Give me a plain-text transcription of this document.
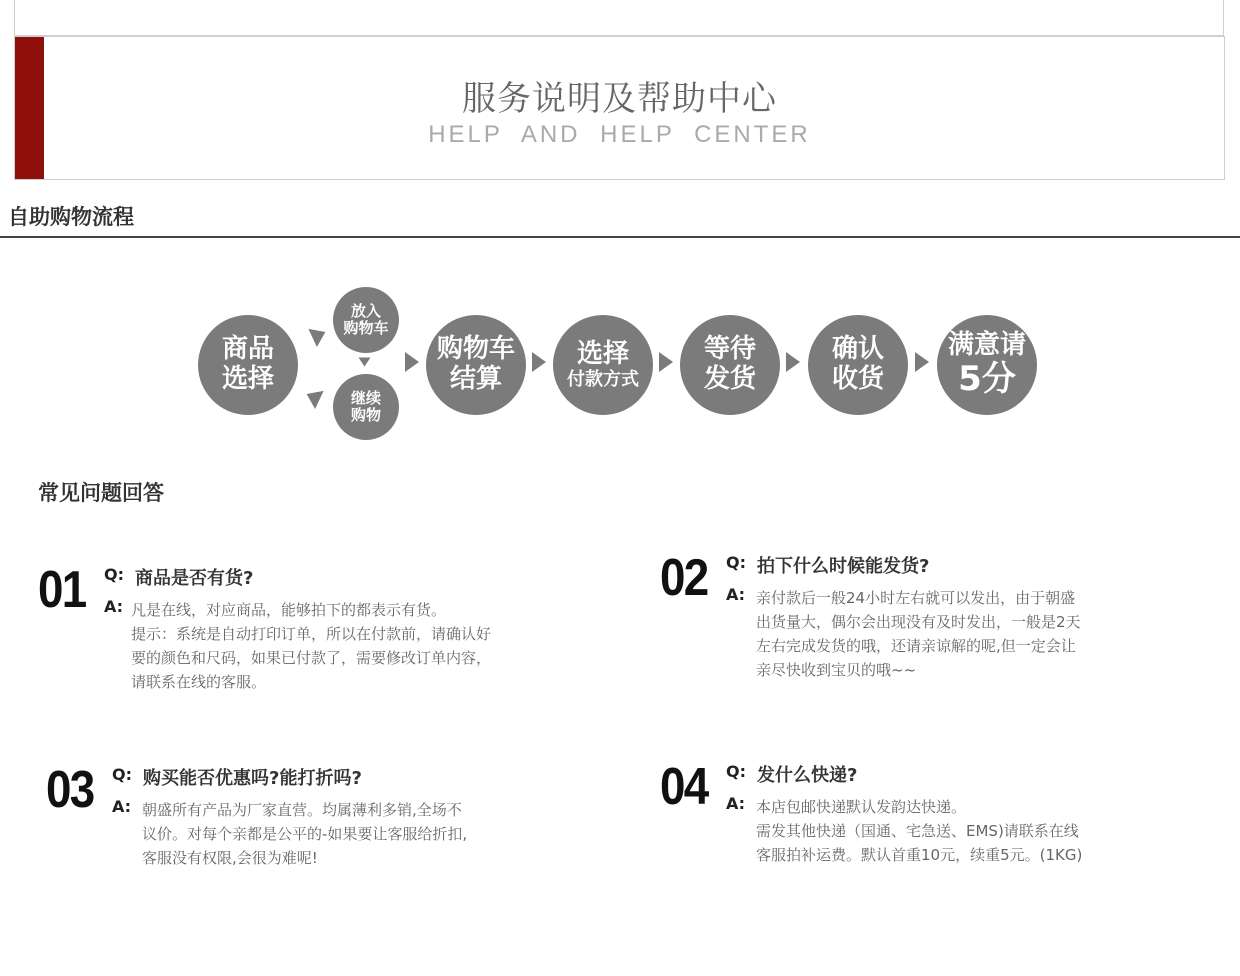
服务说明及帮助中心
HELP AND HELP CENTER
自助购物流程
商品
选择
放入
购物车
继续
购物
购物车
结算
选择
付款方式
等待
发货
确认
收货
满意请
5分
常见问题回答
01 Q: 商品是否有货?
A: 凡是在线，对应商品，能够拍下的都表示有货。
提示：系统是自动打印订单，所以在付款前，请确认好
要的颜色和尺码，如果已付款了，需要修改订单内容，
请联系在线的客服。
02 Q: 拍下什么时候能发货?
A: 亲付款后一般24小时左右就可以发出，由于朝盛
出货量大，偶尔会出现没有及时发出，一般是2天
左右完成发货的哦，还请亲谅解的呢,但一定会让
亲尽快收到宝贝的哦~~
03 Q: 购买能否优惠吗?能打折吗?
A: 朝盛所有产品为厂家直营。均属薄利多销,全场不
议价。对每个亲都是公平的-如果要让客服给折扣,
客服没有权限,会很为难呢!
04 Q: 发什么快递?
A: 本店包邮快递默认发韵达快递。
需发其他快递（国通、宅急送、EMS)请联系在线
客服拍补运费。默认首重10元，续重5元。(1KG)
